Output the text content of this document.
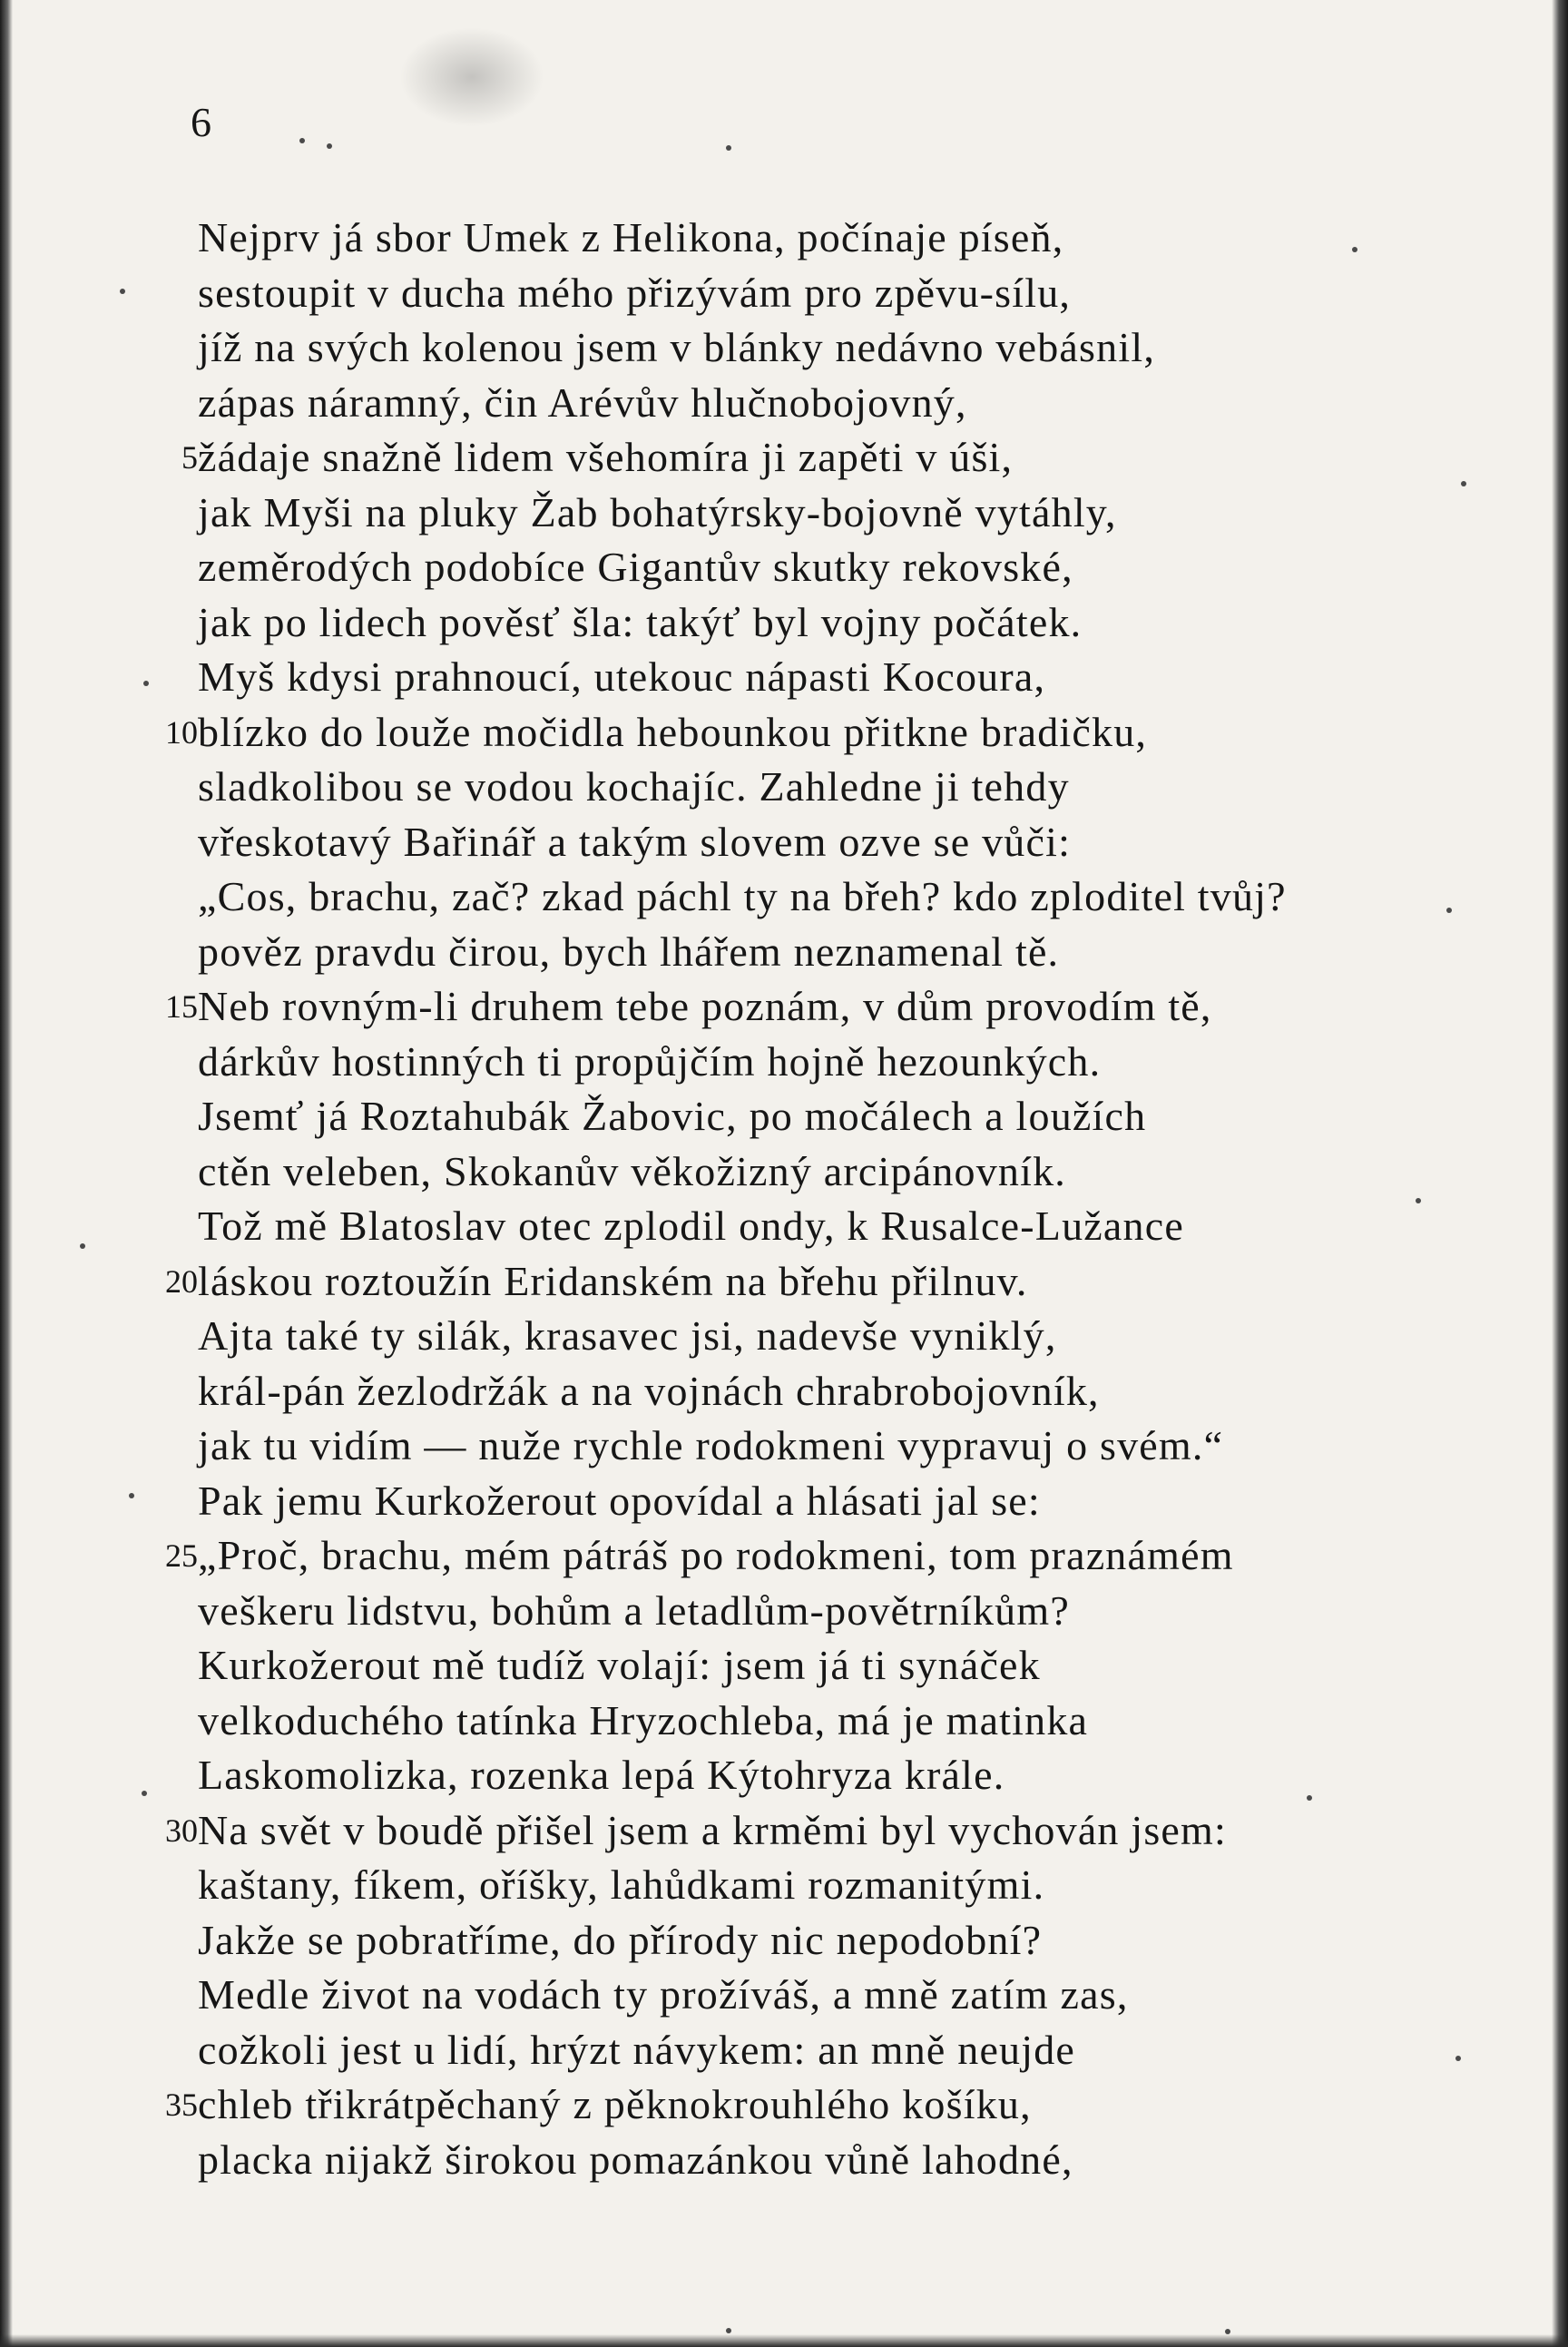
6
Nejprv já sbor Umek z Helikona, počínaje píseň,
sestoupit v ducha mého přizývám pro zpěvu-sílu,
jíž na svých kolenou jsem v blánky nedávno vebásnil,
zápas náramný, čin Arévův hlučnobojovný,
5 žádaje snažně lidem všehomíra ji zapěti v úši,
jak Myši na pluky Žab bohatýrsky-bojovně vytáhly,
zeměrodých podobíce Gigantův skutky rekovské,
jak po lidech pověsť šla: takýť byl vojny počátek.
Myš kdysi prahnoucí, utekouc nápasti Kocoura,
10 blízko do louže močidla hebounkou přitkne bradičku,
sladkolibou se vodou kochajíc. Zahledne ji tehdy
vřeskotavý Bařinář a takým slovem ozve se vůči:
„Cos, brachu, zač? zkad páchl ty na břeh? kdo zploditel tvůj?
pověz pravdu čirou, bych lhářem neznamenal tě.
15 Neb rovným-li druhem tebe poznám, v dům provodím tě,
dárkův hostinných ti propůjčím hojně hezounkých.
Jsemť já Roztahubák Žabovic, po močálech a loužích
ctěn veleben, Skokanův věkožizný arcipánovník.
Tož mě Blatoslav otec zplodil ondy, k Rusalce-Lužance
20 láskou roztoužín Eridanském na břehu přilnuv.
Ajta také ty silák, krasavec jsi, nadevše vyniklý,
král-pán žezlodržák a na vojnách chrabrobojovník,
jak tu vidím — nuže rychle rodokmeni vypravuj o svém.“
Pak jemu Kurkožerout opovídal a hlásati jal se:
25 „Proč, brachu, mém pátráš po rodokmeni, tom praznámém
veškeru lidstvu, bohům a letadlům-povětrníkům?
Kurkožerout mě tudíž volají: jsem já ti synáček
velkoduchého tatínka Hryzochleba, má je matinka
Laskomolizka, rozenka lepá Kýtohryza krále.
30 Na svět v boudě přišel jsem a krměmi byl vychován jsem:
kaštany, fíkem, oříšky, lahůdkami rozmanitými.
Jakže se pobratříme, do přírody nic nepodobní?
Medle život na vodách ty prožíváš, a mně zatím zas,
cožkoli jest u lidí, hrýzt návykem: an mně neujde
35 chleb třikrátpěchaný z pěknokrouhlého košíku,
placka nijakž širokou pomazánkou vůně lahodné,
